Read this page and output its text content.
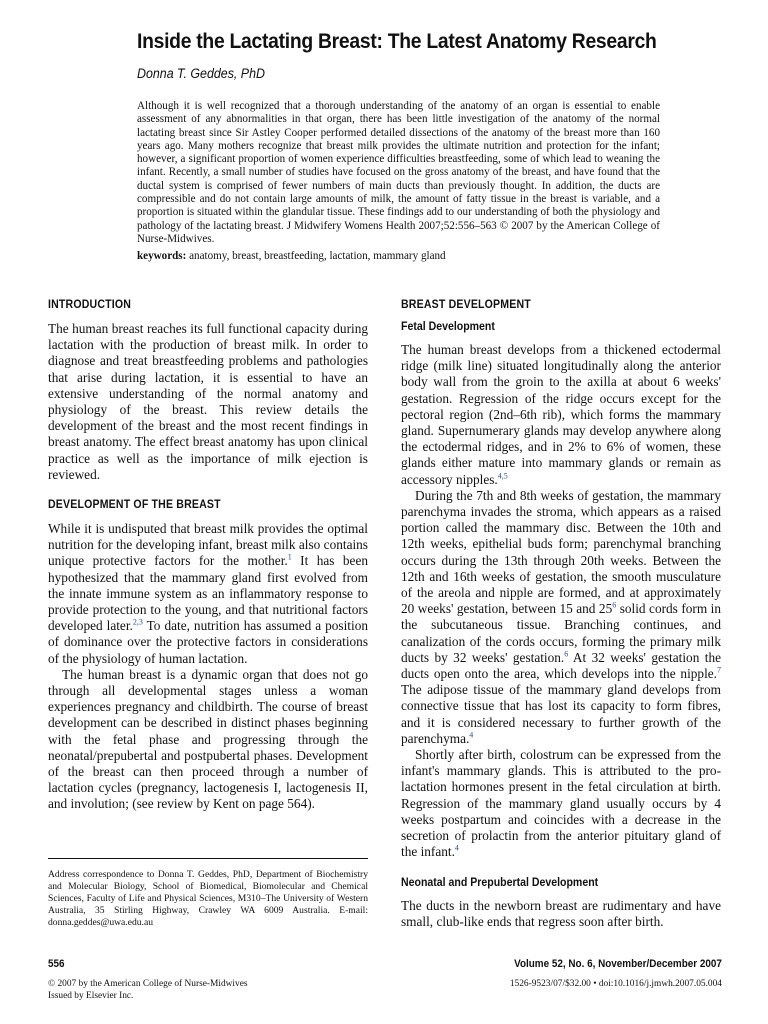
Inside the Lactating Breast: The Latest Anatomy Research
Donna T. Geddes, PhD
Although it is well recognized that a thorough understanding of the anatomy of an organ is essential to enable assessment of any abnormalities in that organ, there has been little investigation of the anatomy of the normal lactating breast since Sir Astley Cooper performed detailed dissections of the anatomy of the breast more than 160 years ago. Many mothers recognize that breast milk provides the ultimate nutrition and protection for the infant; however, a significant proportion of women experience difficulties breastfeeding, some of which lead to weaning the infant. Recently, a small number of studies have focused on the gross anatomy of the breast, and have found that the ductal system is comprised of fewer numbers of main ducts than previously thought. In addition, the ducts are compressible and do not contain large amounts of milk, the amount of fatty tissue in the breast is variable, and a proportion is situated within the glandular tissue. These findings add to our understanding of both the physiology and pathology of the lactating breast. J Midwifery Womens Health 2007;52:556–563 © 2007 by the American College of Nurse-Midwives.
keywords: anatomy, breast, breastfeeding, lactation, mammary gland
INTRODUCTION

The human breast reaches its full functional capacity during lactation with the production of breast milk. In order to diagnose and treat breastfeeding problems and pathologies that arise during lactation, it is essential to have an extensive understanding of the normal anatomy and physiology of the breast. This review details the development of the breast and the most recent findings in breast anatomy. The effect breast anatomy has upon clinical practice as well as the importance of milk ejection is reviewed.

DEVELOPMENT OF THE BREAST

While it is undisputed that breast milk provides the optimal nutrition for the developing infant, breast milk also contains unique protective factors for the mother.$^1$ It has been hypothesized that the mammary gland first evolved from the innate immune system as an inflammatory response to provide protection to the young, and that nutritional factors developed later.$^{2,3}$ To date, nutrition has assumed a position of dominance over the protective factors in considerations of the physiology of human lactation.

The human breast is a dynamic organ that does not go through all developmental stages unless a woman experiences pregnancy and childbirth. The course of breast development can be described in distinct phases beginning with the fetal phase and progressing through the neonatal/prepubertal and postpubertal phases. Development of the breast can then proceed through a number of lactation cycles (pregnancy, lactogenesis I, lactogenesis II, and involution; (see review by Kent on page 564).

Address correspondence to Donna T. Geddes, PhD, Department of Biochemistry and Molecular Biology, School of Biomedical, Biomolecular and Chemical Sciences, Faculty of Life and Physical Sciences, M310–The University of Western Australia, 35 Stirling Highway, Crawley WA 6009 Australia. E-mail: donna.geddes@uwa.edu.au
BREAST DEVELOPMENT
Fetal Development

The human breast develops from a thickened ectodermal ridge (milk line) situated longitudinally along the anterior body wall from the groin to the axilla at about 6 weeks' gestation. Regression of the ridge occurs except for the pectoral region (2nd–6th rib), which forms the mammary gland. Supernumerary glands may develop anywhere along the ectodermal ridges, and in 2% to 6% of women, these glands either mature into mammary glands or remain as accessory nipples.$^{4,5}$

During the 7th and 8th weeks of gestation, the mammary parenchyma invades the stroma, which appears as a raised portion called the mammary disc. Between the 10th and 12th weeks, epithelial buds form; parenchymal branching occurs during the 13th through 20th weeks. Between the 12th and 16th weeks of gestation, the smooth musculature of the areola and nipple are formed, and at approximately 20 weeks' gestation, between 15 and $25^6$ solid cords form in the subcutaneous tissue. Branching continues, and canalization of the cords occurs, forming the primary milk ducts by 32 weeks' gestation.$^6$ At 32 weeks' gestation the ducts open onto the area, which develops into the nipple.$^7$ The adipose tissue of the mammary gland develops from connective tissue that has lost its capacity to form fibres, and it is considered necessary to further growth of the parenchyma.$^4$

Shortly after birth, colostrum can be expressed from the infant's mammary glands. This is attributed to the pro-lactation hormones present in the fetal circulation at birth. Regression of the mammary gland usually occurs by 4 weeks postpartum and coincides with a decrease in the secretion of prolactin from the anterior pituitary gland of the infant.$^4$

Neonatal and Prepubertal Development

The ducts in the newborn breast are rudimentary and have small, club-like ends that regress soon after birth.

556	Volume 52, No. 6, November/December 2007
© 2007 by the American College of Nurse-Midwives
Issued by Elsevier Inc.
1526-9523/07/$32.00 • doi:10.1016/j.jmwh.2007.05.004
